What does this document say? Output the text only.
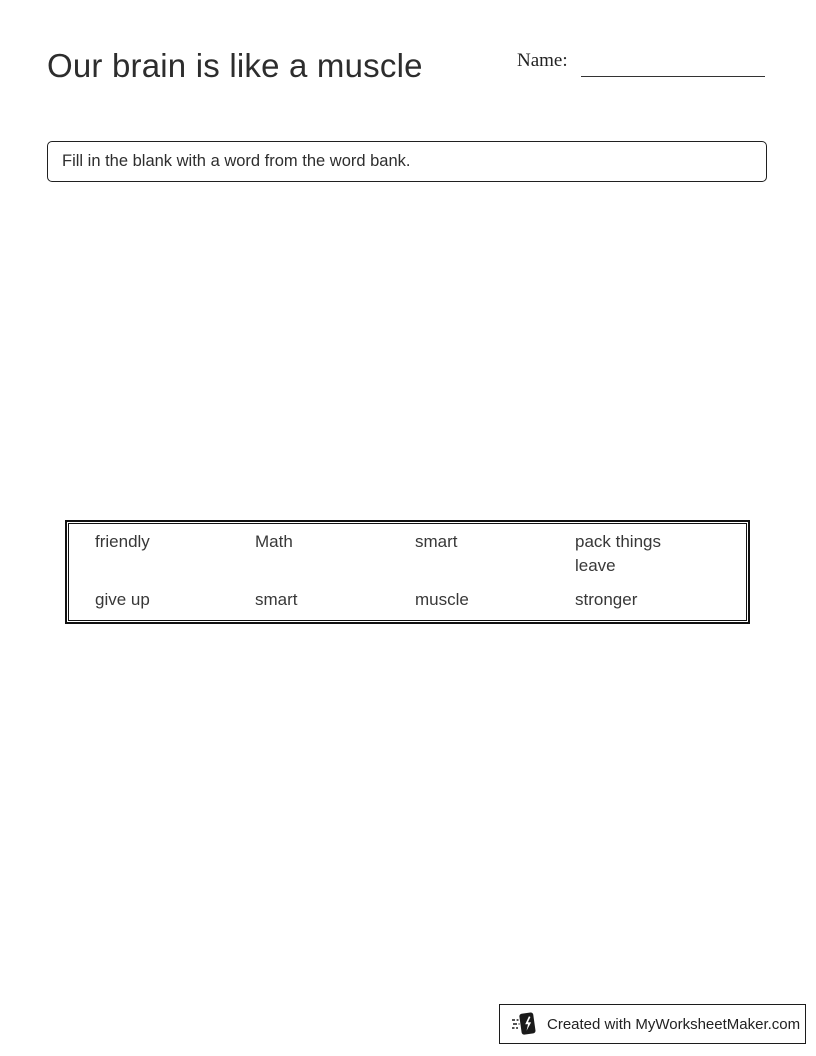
Our brain is like a muscle	Name:
Fill in the blank with a word from the word bank.
friendly	Math	smart	pack things leave
give up	smart	muscle	stronger
Created with MyWorksheetMaker.com
